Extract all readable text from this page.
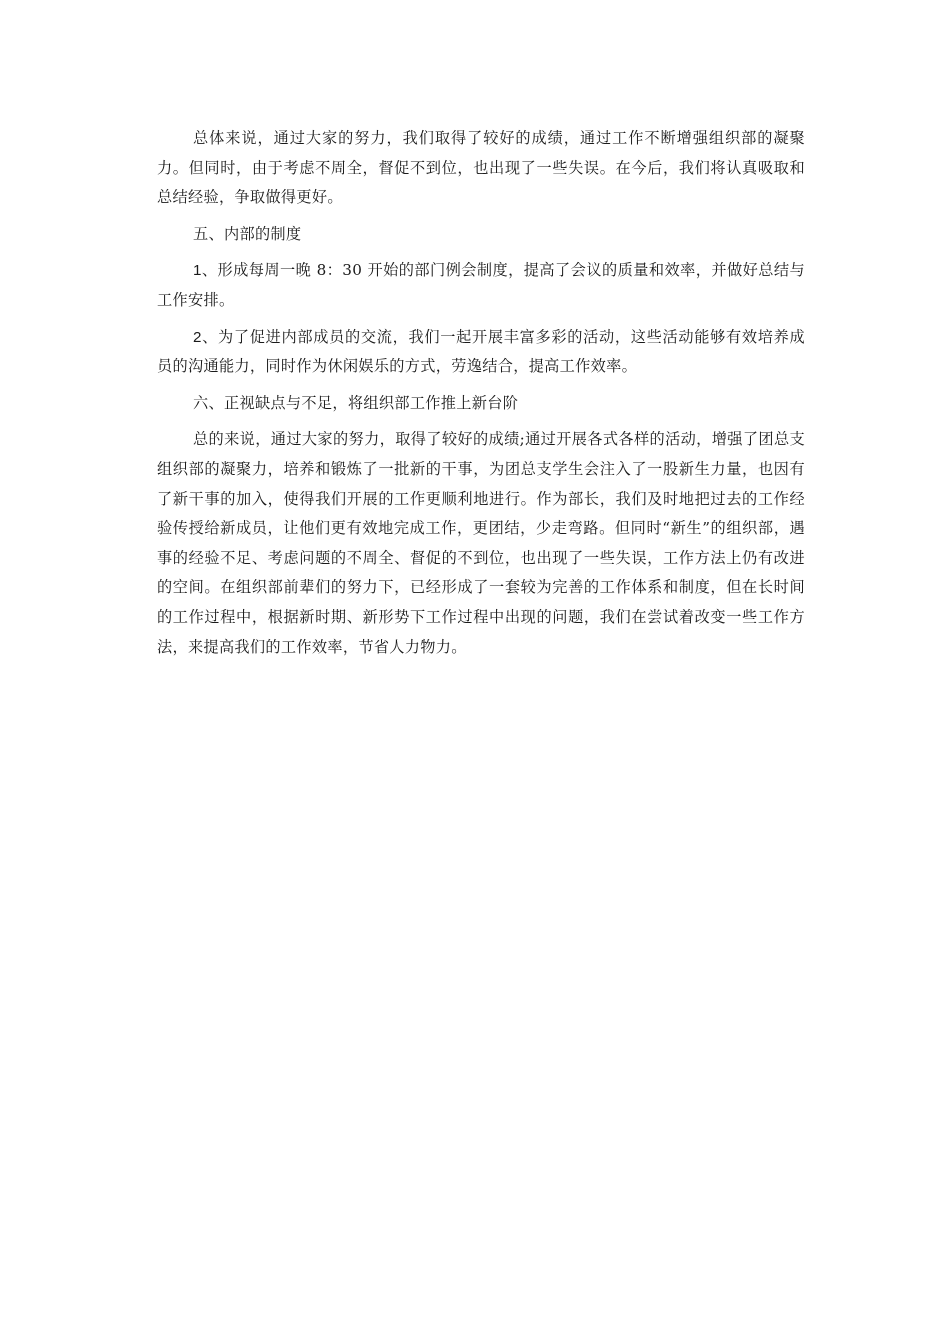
总体来说，通过大家的努力，我们取得了较好的成绩，通过工作不断增强组织部的凝聚力。但同时，由于考虑不周全，督促不到位，也出现了一些失误。在今后，我们将认真吸取和总结经验，争取做得更好。

五、内部的制度

1、形成每周一晚 8：30 开始的部门例会制度，提高了会议的质量和效率，并做好总结与工作安排。

2、为了促进内部成员的交流，我们一起开展丰富多彩的活动，这些活动能够有效培养成员的沟通能力，同时作为休闲娱乐的方式，劳逸结合，提高工作效率。

六、正视缺点与不足，将组织部工作推上新台阶

总的来说，通过大家的努力，取得了较好的成绩;通过开展各式各样的活动，增强了团总支组织部的凝聚力，培养和锻炼了一批新的干事，为团总支学生会注入了一股新生力量，也因有了新干事的加入，使得我们开展的工作更顺利地进行。作为部长，我们及时地把过去的工作经验传授给新成员，让他们更有效地完成工作，更团结，少走弯路。但同时“新生”的组织部，遇事的经验不足、考虑问题的不周全、督促的不到位，也出现了一些失误，工作方法上仍有改进的空间。在组织部前辈们的努力下，已经形成了一套较为完善的工作体系和制度，但在长时间的工作过程中，根据新时期、新形势下工作过程中出现的问题，我们在尝试着改变一些工作方法，来提高我们的工作效率，节省人力物力。
